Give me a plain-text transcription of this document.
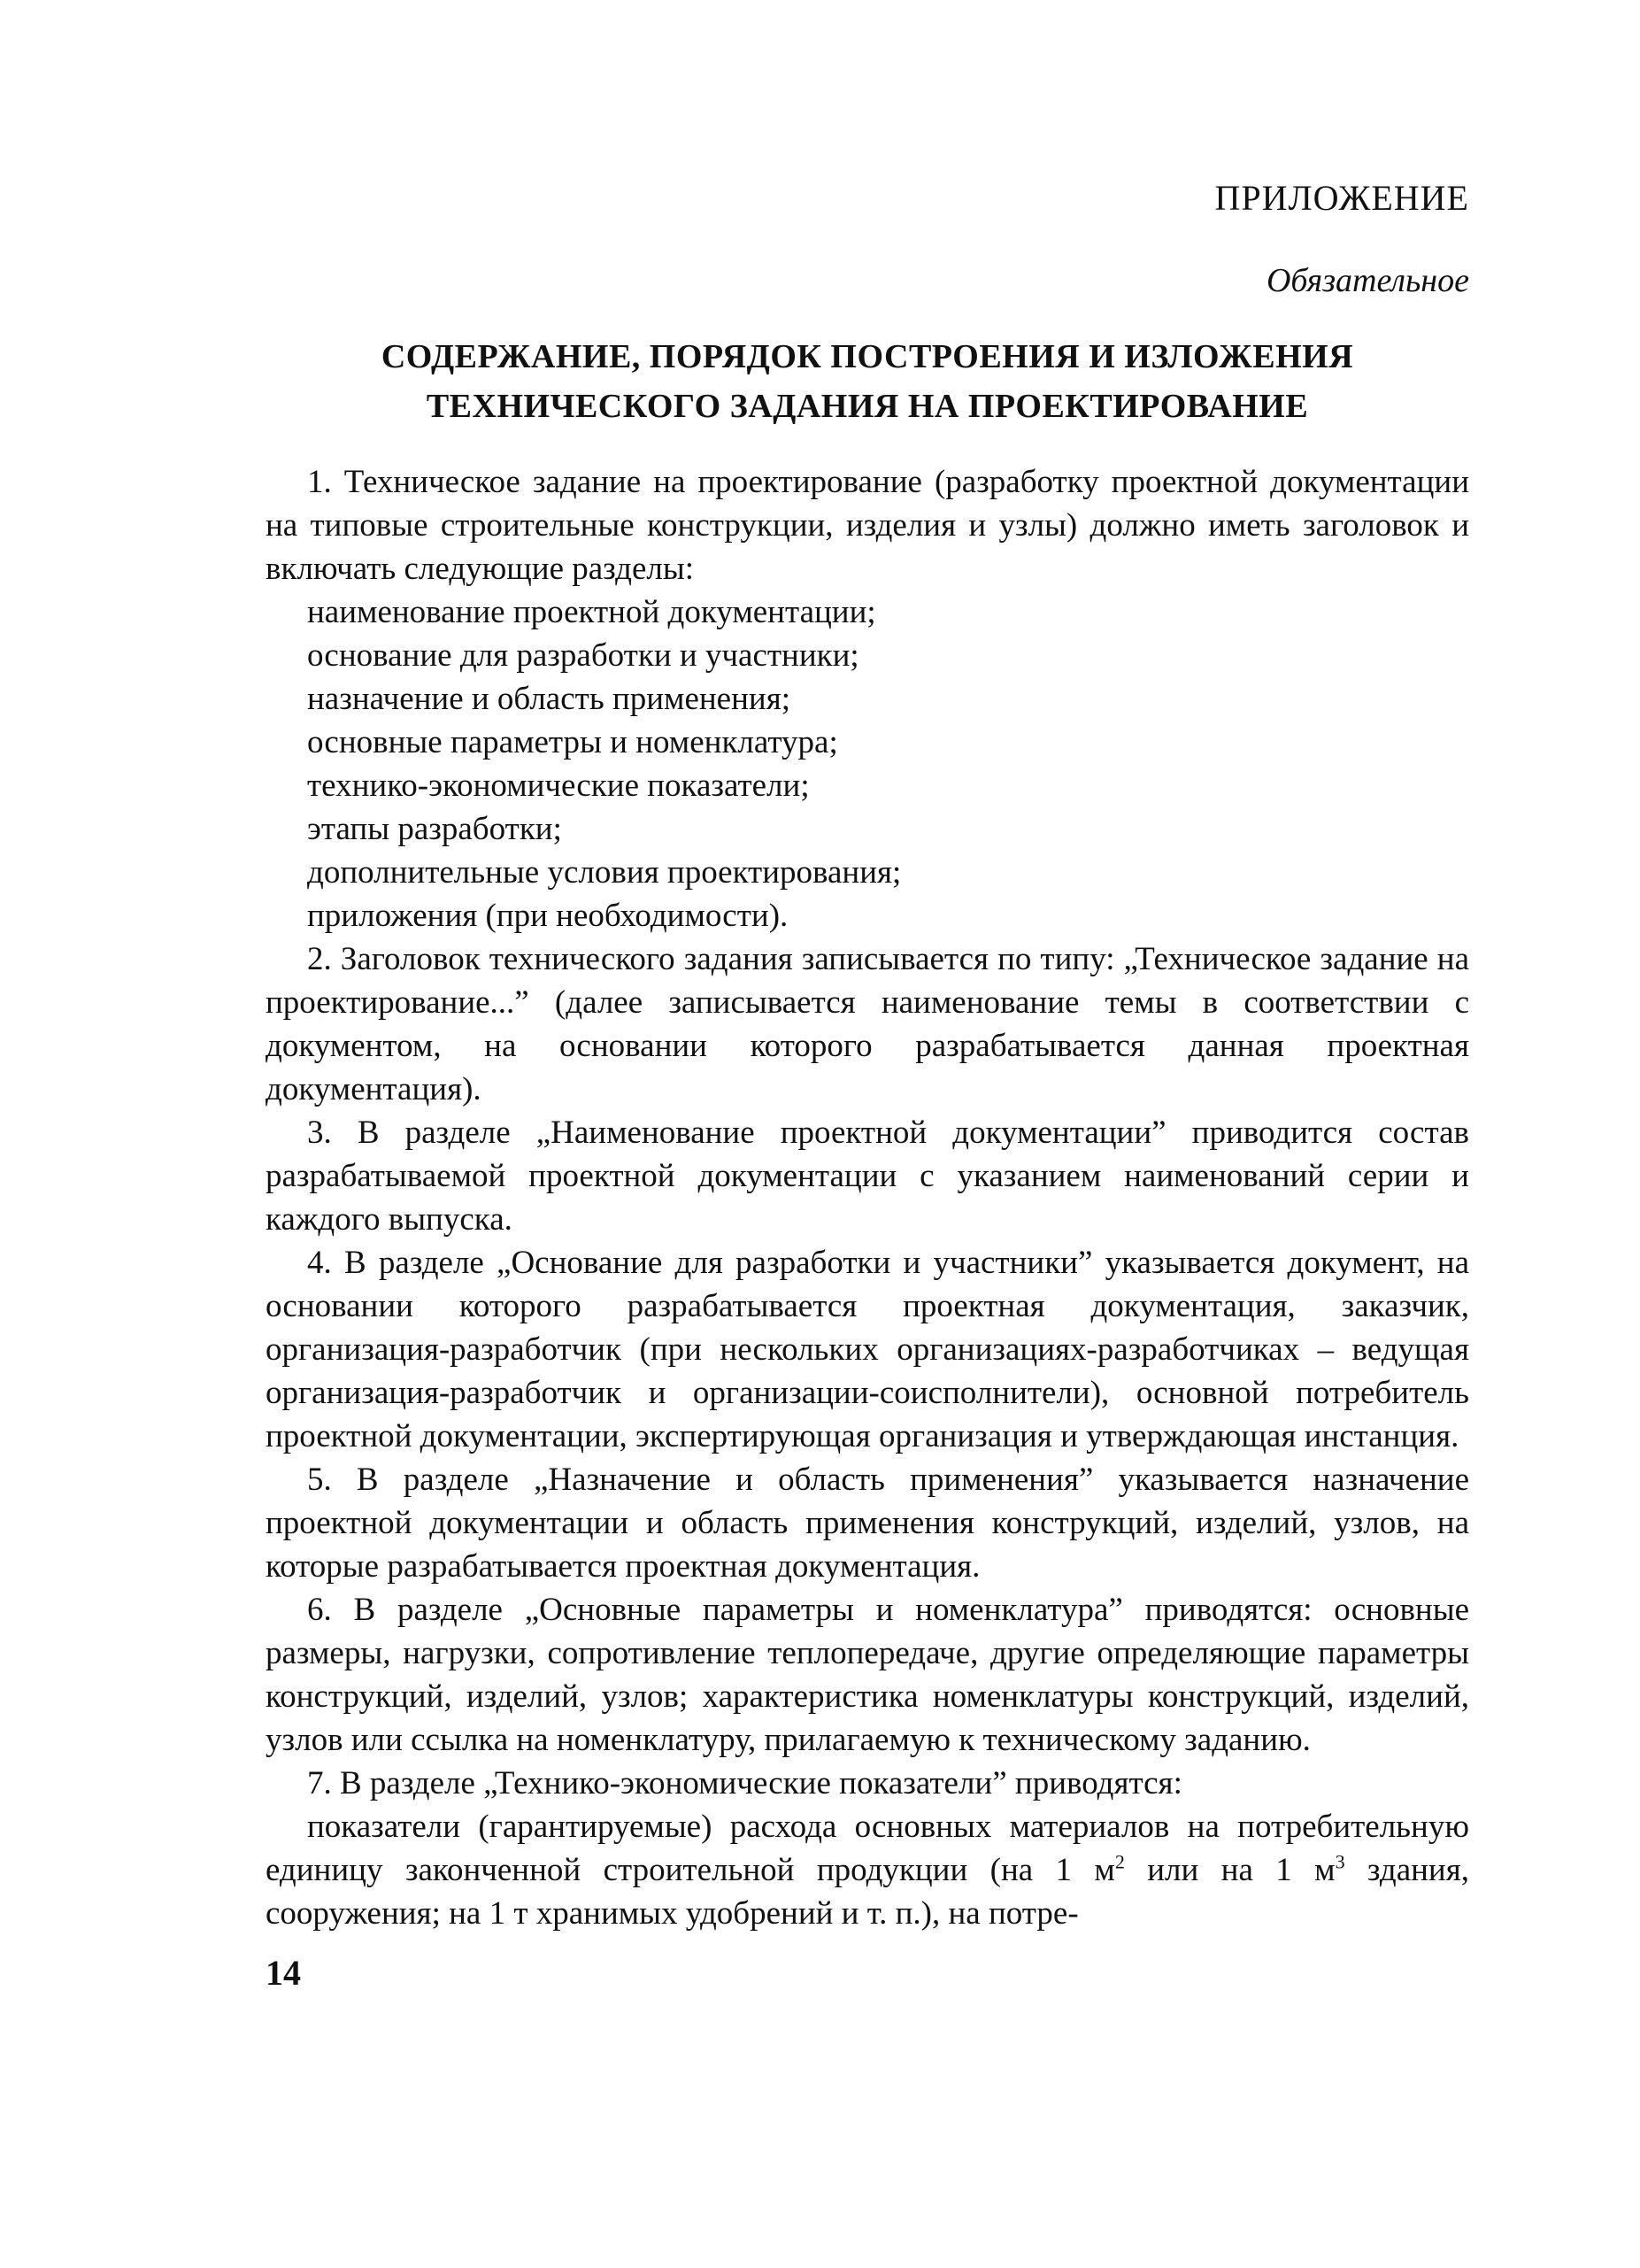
ПРИЛОЖЕНИЕ
Обязательное
СОДЕРЖАНИЕ, ПОРЯДОК ПОСТРОЕНИЯ И ИЗЛОЖЕНИЯ
ТЕХНИЧЕСКОГО ЗАДАНИЯ НА ПРОЕКТИРОВАНИЕ

1. Техническое задание на проектирование (разработку проектной документации на типовые строительные конструкции, изделия и узлы) должно иметь заголовок и включать следующие разделы:

наименование проектной документации;
основание для разработки и участники;
назначение и область применения;
основные параметры и номенклатура;
технико-экономические показатели;
этапы разработки;
дополнительные условия проектирования;
приложения (при необходимости).

2. Заголовок технического задания записывается по типу: „Техническое задание на проектирование...” (далее записывается наименование темы в соответствии с документом, на основании которого разрабатывается данная проектная документация).

3. В разделе „Наименование проектной документации” приводится состав разрабатываемой проектной документации с указанием наименований серии и каждого выпуска.

4. В разделе „Основание для разработки и участники” указывается документ, на основании которого разрабатывается проектная документация, заказчик, организация-разработчик (при нескольких организациях-разработчиках – ведущая организация-разработчик и организации-соисполнители), основной потребитель проектной документации, экспертирующая организация и утверждающая инстанция.

5. В разделе „Назначение и область применения” указывается назначение проектной документации и область применения конструкций, изделий, узлов, на которые разрабатывается проектная документация.

6. В разделе „Основные параметры и номенклатура” приводятся: основные размеры, нагрузки, сопротивление теплопередаче, другие определяющие параметры конструкций, изделий, узлов; характеристика номенклатуры конструкций, изделий, узлов или ссылка на номенклатуру, прилагаемую к техническому заданию.

7. В разделе „Технико-экономические показатели” приводятся:

показатели (гарантируемые) расхода основных материалов на потребительную единицу законченной строительной продукции (на 1 $м^2$ или на 1 $м^3$ здания, сооружения; на 1 т хранимых удобрений и т. п.), на потре-

14
